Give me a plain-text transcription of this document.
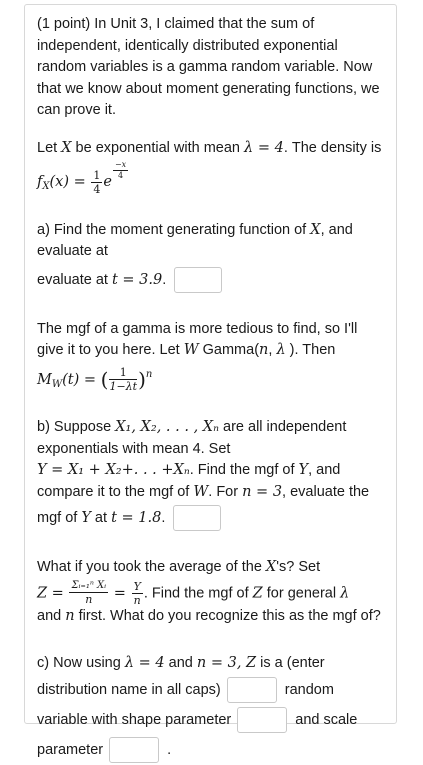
(1 point) In Unit 3, I claimed that the sum of independent, identically distributed exponential random variables is a gamma random variable. Now that we know about moment generating functions, we can prove it.

Let X be exponential with mean λ = 4. The density is

$f_X(x) = \frac{1}{4}$ e
$\frac{-x}{4}$

a) Find the moment generating function of X, and evaluate at

evaluate at t = 3.9.

The mgf of a gamma is more tedious to find, so I'll give it to you here. Let W Gamma(n, λ ). Then

$M_W(t)$ = ( $\frac{1}{1-\lambda t} )^n$

b) Suppose X₁, X₂, . . . , Xₙ are all independent exponentials with mean 4. Set

Y = X₁ + X₂+. . . +Xₙ. Find the mgf of Y, and

compare it to the mgf of W. For n = 3, evaluate the

mgf of Y at t = 1.8.

What if you took the average of the X's? Set

$Z = \frac{\text{Σᵢ₌₁ⁿ Xᵢ}}{n} = \frac{Y}{n}$ . Find the mgf of Z for general λ

and n first. What do you recognize this as the mgf of?

c) Now using λ = 4 and n = 3, Z is a (enter

distribution name in all caps)	random
variable with shape parameter	and scale
parameter	.
